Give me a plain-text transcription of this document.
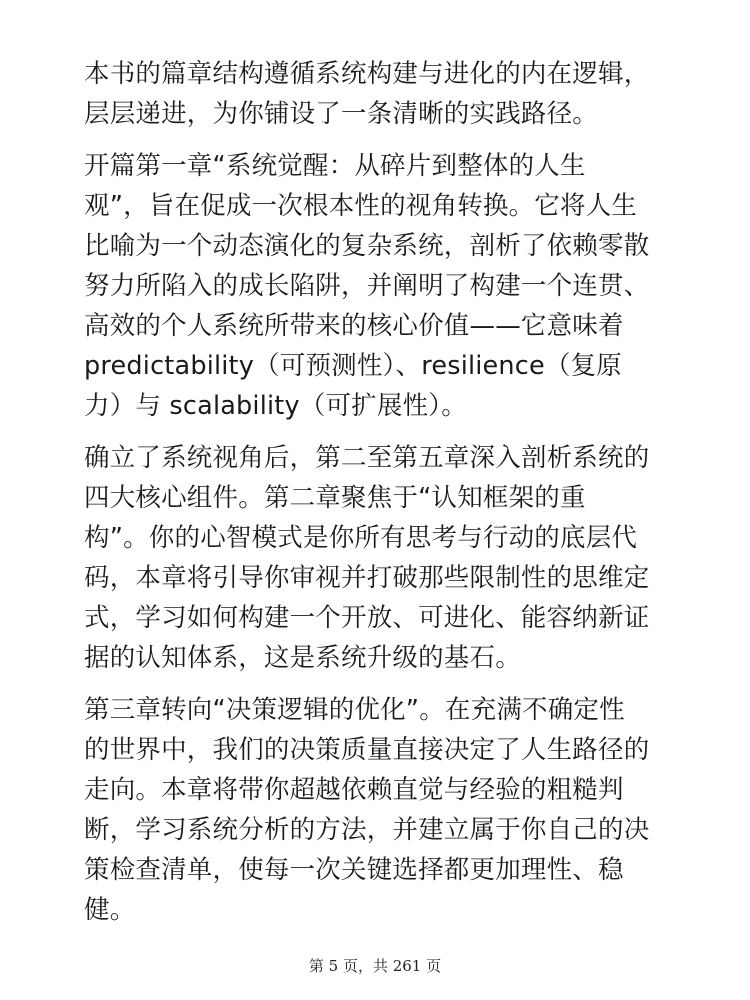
本书的篇章结构遵循系统构建与进化的内在逻辑，
层层递进，为你铺设了一条清晰的实践路径。
开篇第一章“系统觉醒：从碎片到整体的人生
观”，旨在促成一次根本性的视角转换。它将人生
比喻为一个动态演化的复杂系统，剖析了依赖零散
努力所陷入的成长陷阱，并阐明了构建一个连贯、
高效的个人系统所带来的核心价值——它意味着
predictability（可预测性）、resilience（复原
力）与 scalability（可扩展性）。
确立了系统视角后，第二至第五章深入剖析系统的
四大核心组件。第二章聚焦于“认知框架的重
构”。你的心智模式是你所有思考与行动的底层代
码，本章将引导你审视并打破那些限制性的思维定
式，学习如何构建一个开放、可进化、能容纳新证
据的认知体系，这是系统升级的基石。
第三章转向“决策逻辑的优化”。在充满不确定性
的世界中，我们的决策质量直接决定了人生路径的
走向。本章将带你超越依赖直觉与经验的粗糙判
断，学习系统分析的方法，并建立属于你自己的决
策检查清单，使每一次关键选择都更加理性、稳
健。
第 5 页，共 261 页
